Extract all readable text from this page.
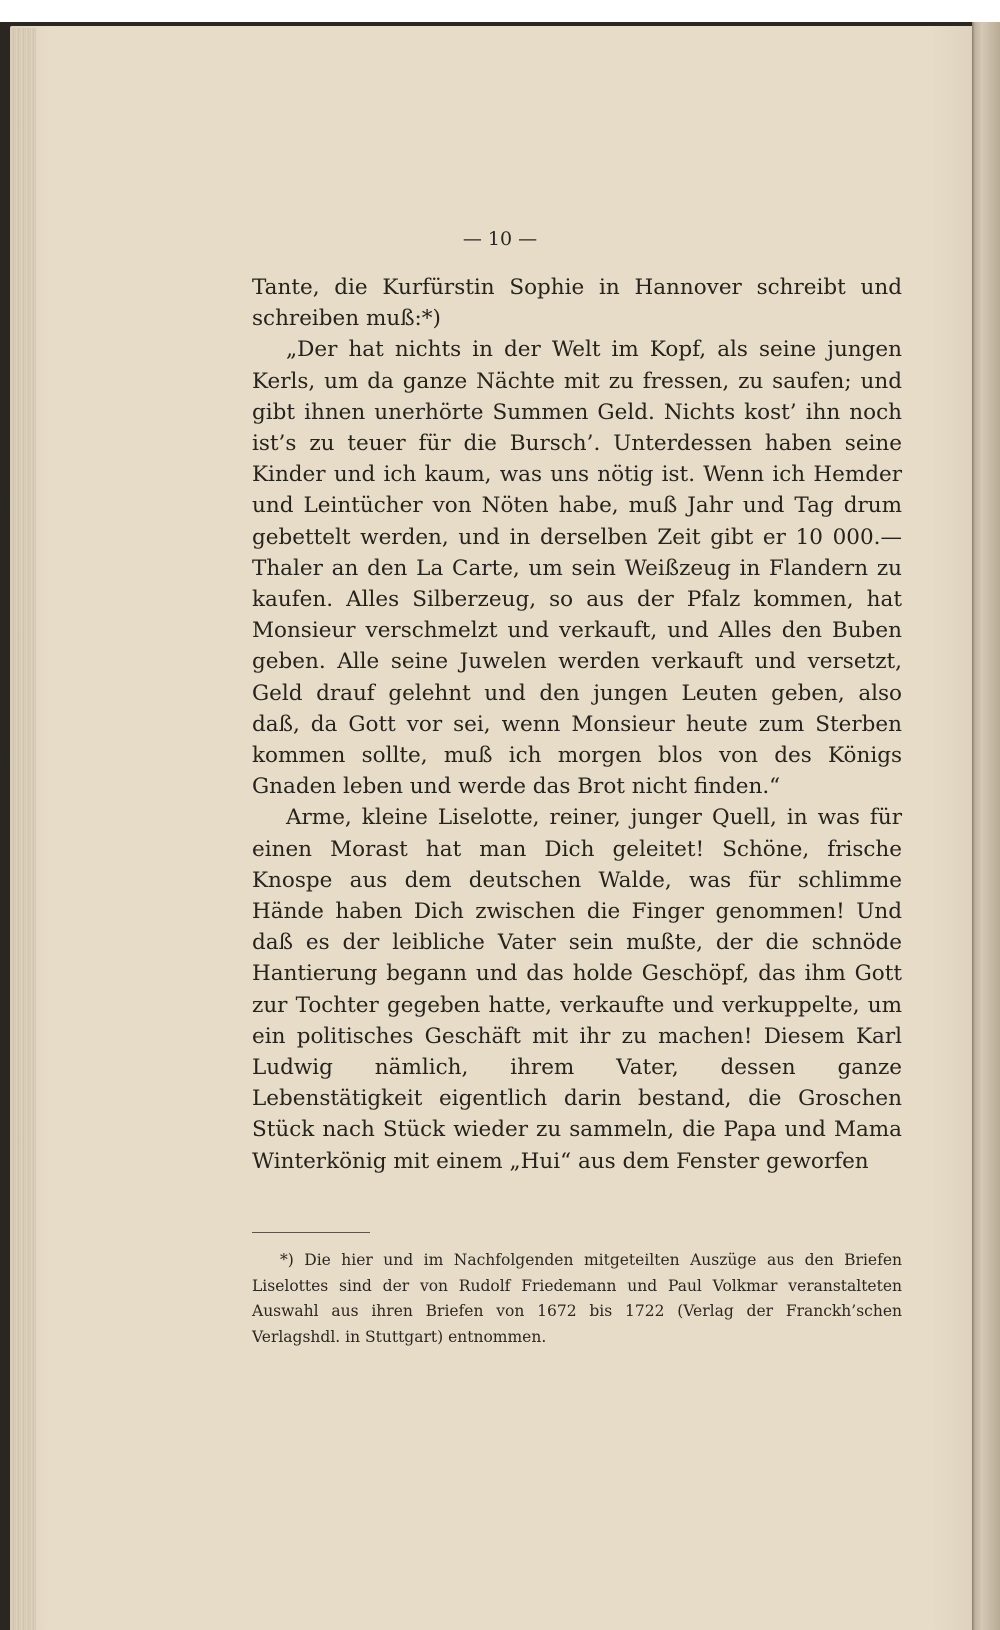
— 10 —

Tante, die Kurfürstin Sophie in Hannover schreibt und schreiben muß:*)

„Der hat nichts in der Welt im Kopf, als seine jungen Kerls, um da ganze Nächte mit zu fressen, zu saufen; und gibt ihnen unerhörte Summen Geld. Nichts kost’ ihn noch ist’s zu teuer für die Bursch’. Unterdessen haben seine Kinder und ich kaum, was uns nötig ist. Wenn ich Hemder und Leintücher von Nöten habe, muß Jahr und Tag drum gebettelt werden, und in derselben Zeit gibt er 10 000.— Thaler an den La Carte, um sein Weißzeug in Flandern zu kaufen. Alles Silberzeug, so aus der Pfalz kommen, hat Monsieur verschmelzt und verkauft, und Alles den Buben geben. Alle seine Juwelen werden verkauft und versetzt, Geld drauf gelehnt und den jungen Leuten geben, also daß, da Gott vor sei, wenn Monsieur heute zum Sterben kommen sollte, muß ich morgen blos von des Königs Gnaden leben und werde das Brot nicht finden.“

Arme, kleine Liselotte, reiner, junger Quell, in was für einen Morast hat man Dich geleitet! Schöne, frische Knospe aus dem deutschen Walde, was für schlimme Hände haben Dich zwischen die Finger genommen! Und daß es der leibliche Vater sein mußte, der die schnöde Hantierung begann und das holde Geschöpf, das ihm Gott zur Tochter gegeben hatte, verkaufte und verkuppelte, um ein politisches Geschäft mit ihr zu machen! Diesem Karl Ludwig nämlich, ihrem Vater, dessen ganze Lebenstätigkeit eigentlich darin bestand, die Groschen Stück nach Stück wieder zu sammeln, die Papa und Mama Winterkönig mit einem „Hui“ aus dem Fenster geworfen

*) Die hier und im Nachfolgenden mitgeteilten Auszüge aus den Briefen Liselottes sind der von Rudolf Friedemann und Paul Volkmar veranstalteten Auswahl aus ihren Briefen von 1672 bis 1722 (Verlag der Franckh’schen Verlagshdl. in Stuttgart) entnommen.
